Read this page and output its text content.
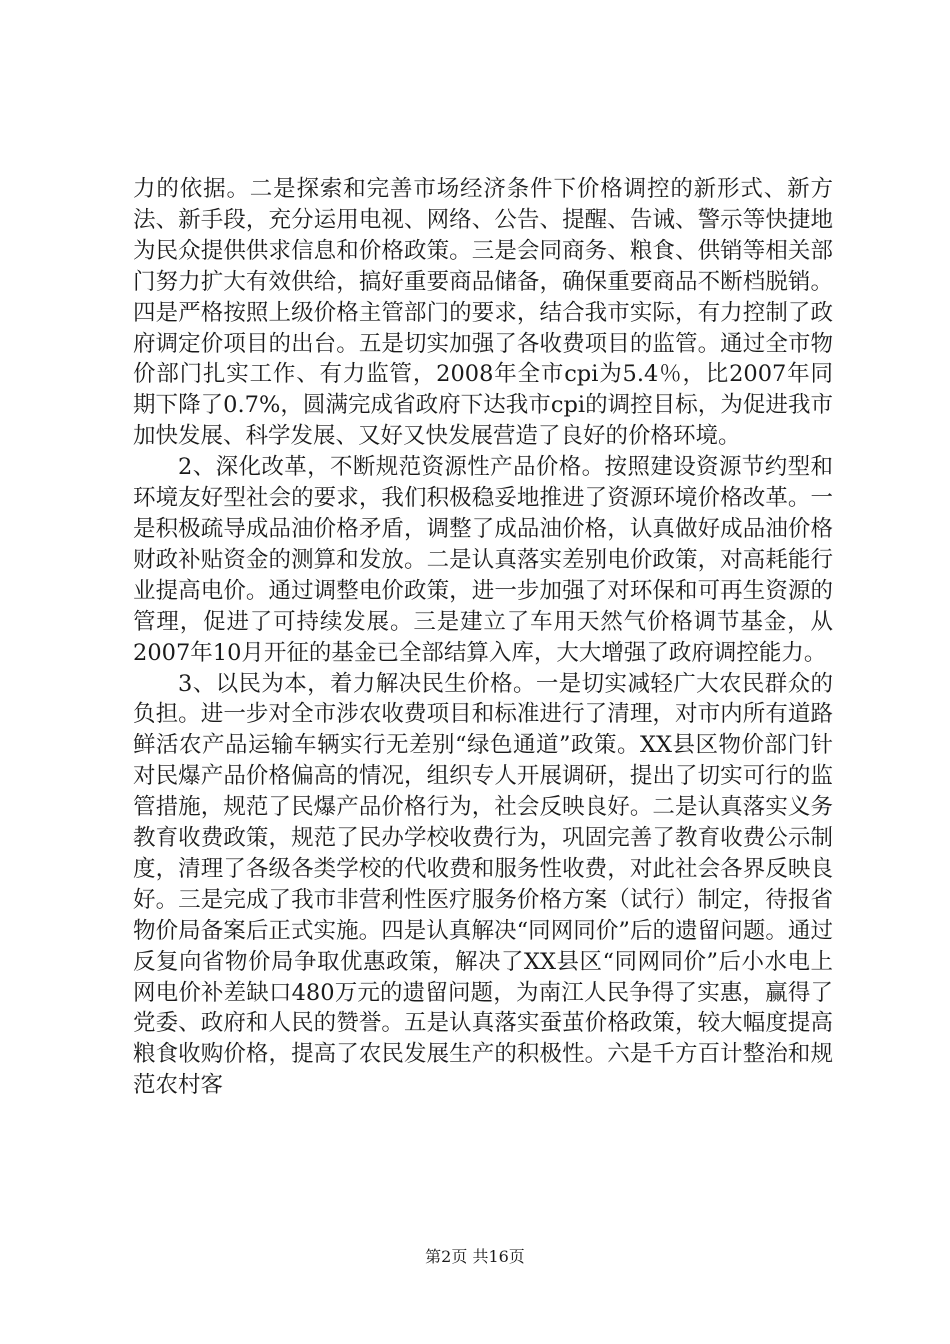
力的依据。二是探索和完善市场经济条件下价格调控的新形式、新方法、新手段，充分运用电视、网络、公告、提醒、告诫、警示等快捷地为民众提供供求信息和价格政策。三是会同商务、粮食、供销等相关部门努力扩大有效供给，搞好重要商品储备，确保重要商品不断档脱销。四是严格按照上级价格主管部门的要求，结合我市实际，有力控制了政府调定价项目的出台。五是切实加强了各收费项目的监管。通过全市物价部门扎实工作、有力监管，2008年全市cpi为5.4％，比2007年同期下降了0.7%，圆满完成省政府下达我市cpi的调控目标，为促进我市加快发展、科学发展、又好又快发展营造了良好的价格环境。

2、深化改革，不断规范资源性产品价格。按照建设资源节约型和环境友好型社会的要求，我们积极稳妥地推进了资源环境价格改革。一是积极疏导成品油价格矛盾，调整了成品油价格，认真做好成品油价格财政补贴资金的测算和发放。二是认真落实差别电价政策，对高耗能行业提高电价。通过调整电价政策，进一步加强了对环保和可再生资源的管理，促进了可持续发展。三是建立了车用天然气价格调节基金，从2007年10月开征的基金已全部结算入库，大大增强了政府调控能力。

3、以民为本，着力解决民生价格。一是切实减轻广大农民群众的负担。进一步对全市涉农收费项目和标准进行了清理，对市内所有道路鲜活农产品运输车辆实行无差别“绿色通道”政策。XX县区物价部门针对民爆产品价格偏高的情况，组织专人开展调研，提出了切实可行的监管措施，规范了民爆产品价格行为，社会反映良好。二是认真落实义务教育收费政策，规范了民办学校收费行为，巩固完善了教育收费公示制度，清理了各级各类学校的代收费和服务性收费，对此社会各界反映良好。三是完成了我市非营利性医疗服务价格方案（试行）制定，待报省物价局备案后正式实施。四是认真解决“同网同价”后的遗留问题。通过反复向省物价局争取优惠政策，解决了XX县区“同网同价”后小水电上网电价补差缺口480万元的遗留问题，为南江人民争得了实惠，赢得了党委、政府和人民的赞誉。五是认真落实蚕茧价格政策，较大幅度提高粮食收购价格，提高了农民发展生产的积极性。六是千方百计整治和规范农村客

第2页 共16页
